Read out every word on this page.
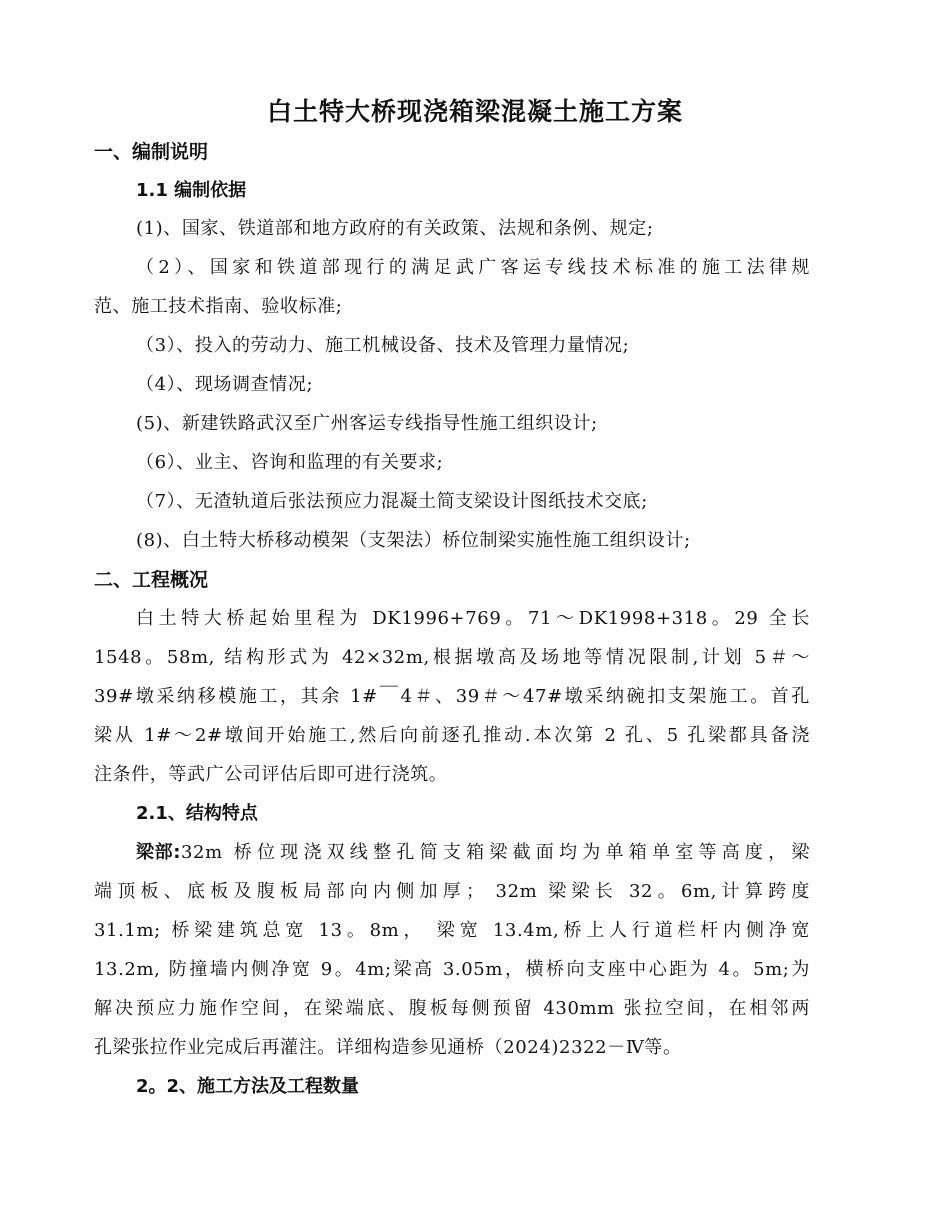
白土特大桥现浇箱梁混凝土施工方案
一、编制说明
1.1 编制依据
(1)、国家、铁道部和地方政府的有关政策、法规和条例、规定;
（2）、国家和铁道部现行的满足武广客运专线技术标准的施工法律规
范、施工技术指南、验收标准;
（3）、投入的劳动力、施工机械设备、技术及管理力量情况;
（4）、现场调查情况;
(5)、新建铁路武汉至广州客运专线指导性施工组织设计;
（6）、业主、咨询和监理的有关要求;
（7）、无渣轨道后张法预应力混凝土简支梁设计图纸技术交底;
(8)、白土特大桥移动模架（支架法）桥位制梁实施性施工组织设计;
二、工程概况
白土特大桥起始里程为 DK1996+769。71～DK1998+318。29 全长
1548。58m, 结构形式为 42×32m,根据墩高及场地等情况限制,计划 5＃～
39#墩采纳移模施工，其余 1#￣4＃、39＃～47#墩采纳碗扣支架施工。首孔
梁从 1#～2#墩间开始施工,然后向前逐孔推动.本次第 2 孔、5 孔梁都具备浇
注条件，等武广公司评估后即可进行浇筑。
2.1、结构特点
梁部: 32m 桥位现浇双线整孔简支箱梁截面均为单箱单室等高度，梁
端顶板、底板及腹板局部向内侧加厚； 32m 梁梁长 32。6m,计算跨度
31.1m; 桥梁建筑总宽 13。8m， 梁宽 13.4m,桥上人行道栏杆内侧净宽
13.2m, 防撞墙内侧净宽 9。4m;梁高 3.05m，横桥向支座中心距为 4。5m;为
解决预应力施作空间，在梁端底、腹板每侧预留 430mm 张拉空间，在相邻两
孔梁张拉作业完成后再灌注。详细构造参见通桥（2024)2322－Ⅳ等。
2。2、施工方法及工程数量
